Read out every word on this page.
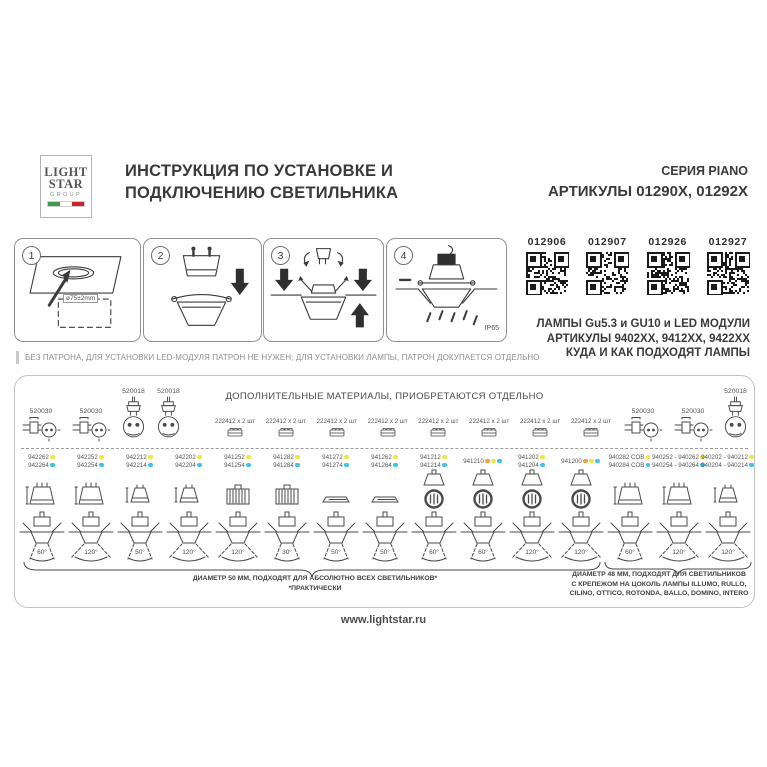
LIGHT
STAR
GROUP
ИНСТРУКЦИЯ ПО УСТАНОВКЕ И
ПОДКЛЮЧЕНИЮ СВЕТИЛЬНИКА
СЕРИЯ PIANO
АРТИКУЛЫ 01290Х, 01292Х
1
ø75±2mm
2	3	4
IP65
012906 012907 012926 012927
ЛАМПЫ Gu5.3 и GU10 и LED МОДУЛИ
АРТИКУЛЫ 9402ХХ, 9412ХХ, 9422ХХ
КУДА И КАК ПОДХОДЯТ ЛАМПЫ
БЕЗ ПАТРОНА, ДЛЯ УСТАНОВКИ LED-МОДУЛЯ ПАТРОН НЕ НУЖЕН; ДЛЯ УСТАНОВКИ ЛАМПЫ, ПАТРОН ДОКУПАЕТСЯ ОТДЕЛЬНО
ДОПОЛНИТЕЛЬНЫЕ МАТЕРИАЛЫ, ПРИОБРЕТАЮТСЯ ОТДЕЛЬНО
520030	520030
520018 520018
520030	520030
520018
222412 х 2 шт 222412 х 2 шт 222412 х 2 шт 222412 х 2 шт 222412 х 2 шт 222412 х 2 шт 222412 х 2 шт 222412 х 2 шт
942262
942264
60°
942252
942254
120°
942212
942214
50°
942202
942204
120°
941252
941254
120°
941282
941284
30°
941272
941274
50°
941262
941264
50°
941212
941214
60°
941210
60°
941202
941204
120°
941200
120°
940282 COB
940284 COB
60°
940252 - 940262
940254 - 940264
120°
940202 - 940212
940204 - 940214
120°
ДИАМЕТР 50 ММ, ПОДХОДЯТ ДЛЯ АБСОЛЮТНО ВСЕХ СВЕТИЛЬНИКОВ*
*ПРАКТИЧЕСКИ
ДИАМЕТР 48 ММ, ПОДХОДЯТ ДЛЯ СВЕТИЛЬНИКОВ
С КРЕПЕЖОМ НА ЦОКОЛЬ ЛАМПЫ ILLUMO, RULLO,
CILINO, OTTICO, ROTONDA, BALLO, DOMINO, INTERO
www.lightstar.ru
